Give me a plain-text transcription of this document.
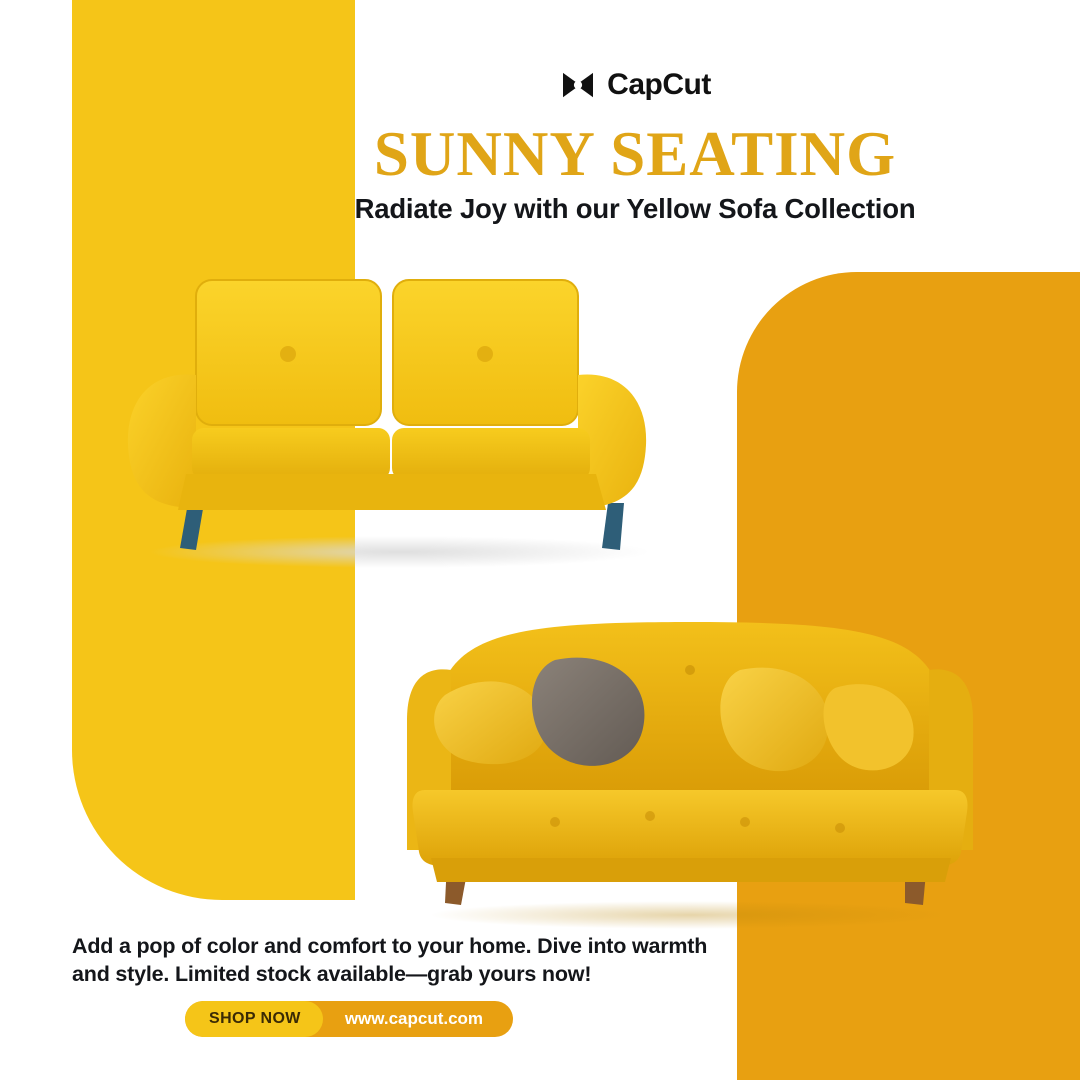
CapCut
SUNNY SEATING
Radiate Joy with our Yellow Sofa Collection
Add a pop of color and comfort to your home. Dive into warmth and style. Limited stock available—grab yours now!
SHOP NOW	www.capcut.com
